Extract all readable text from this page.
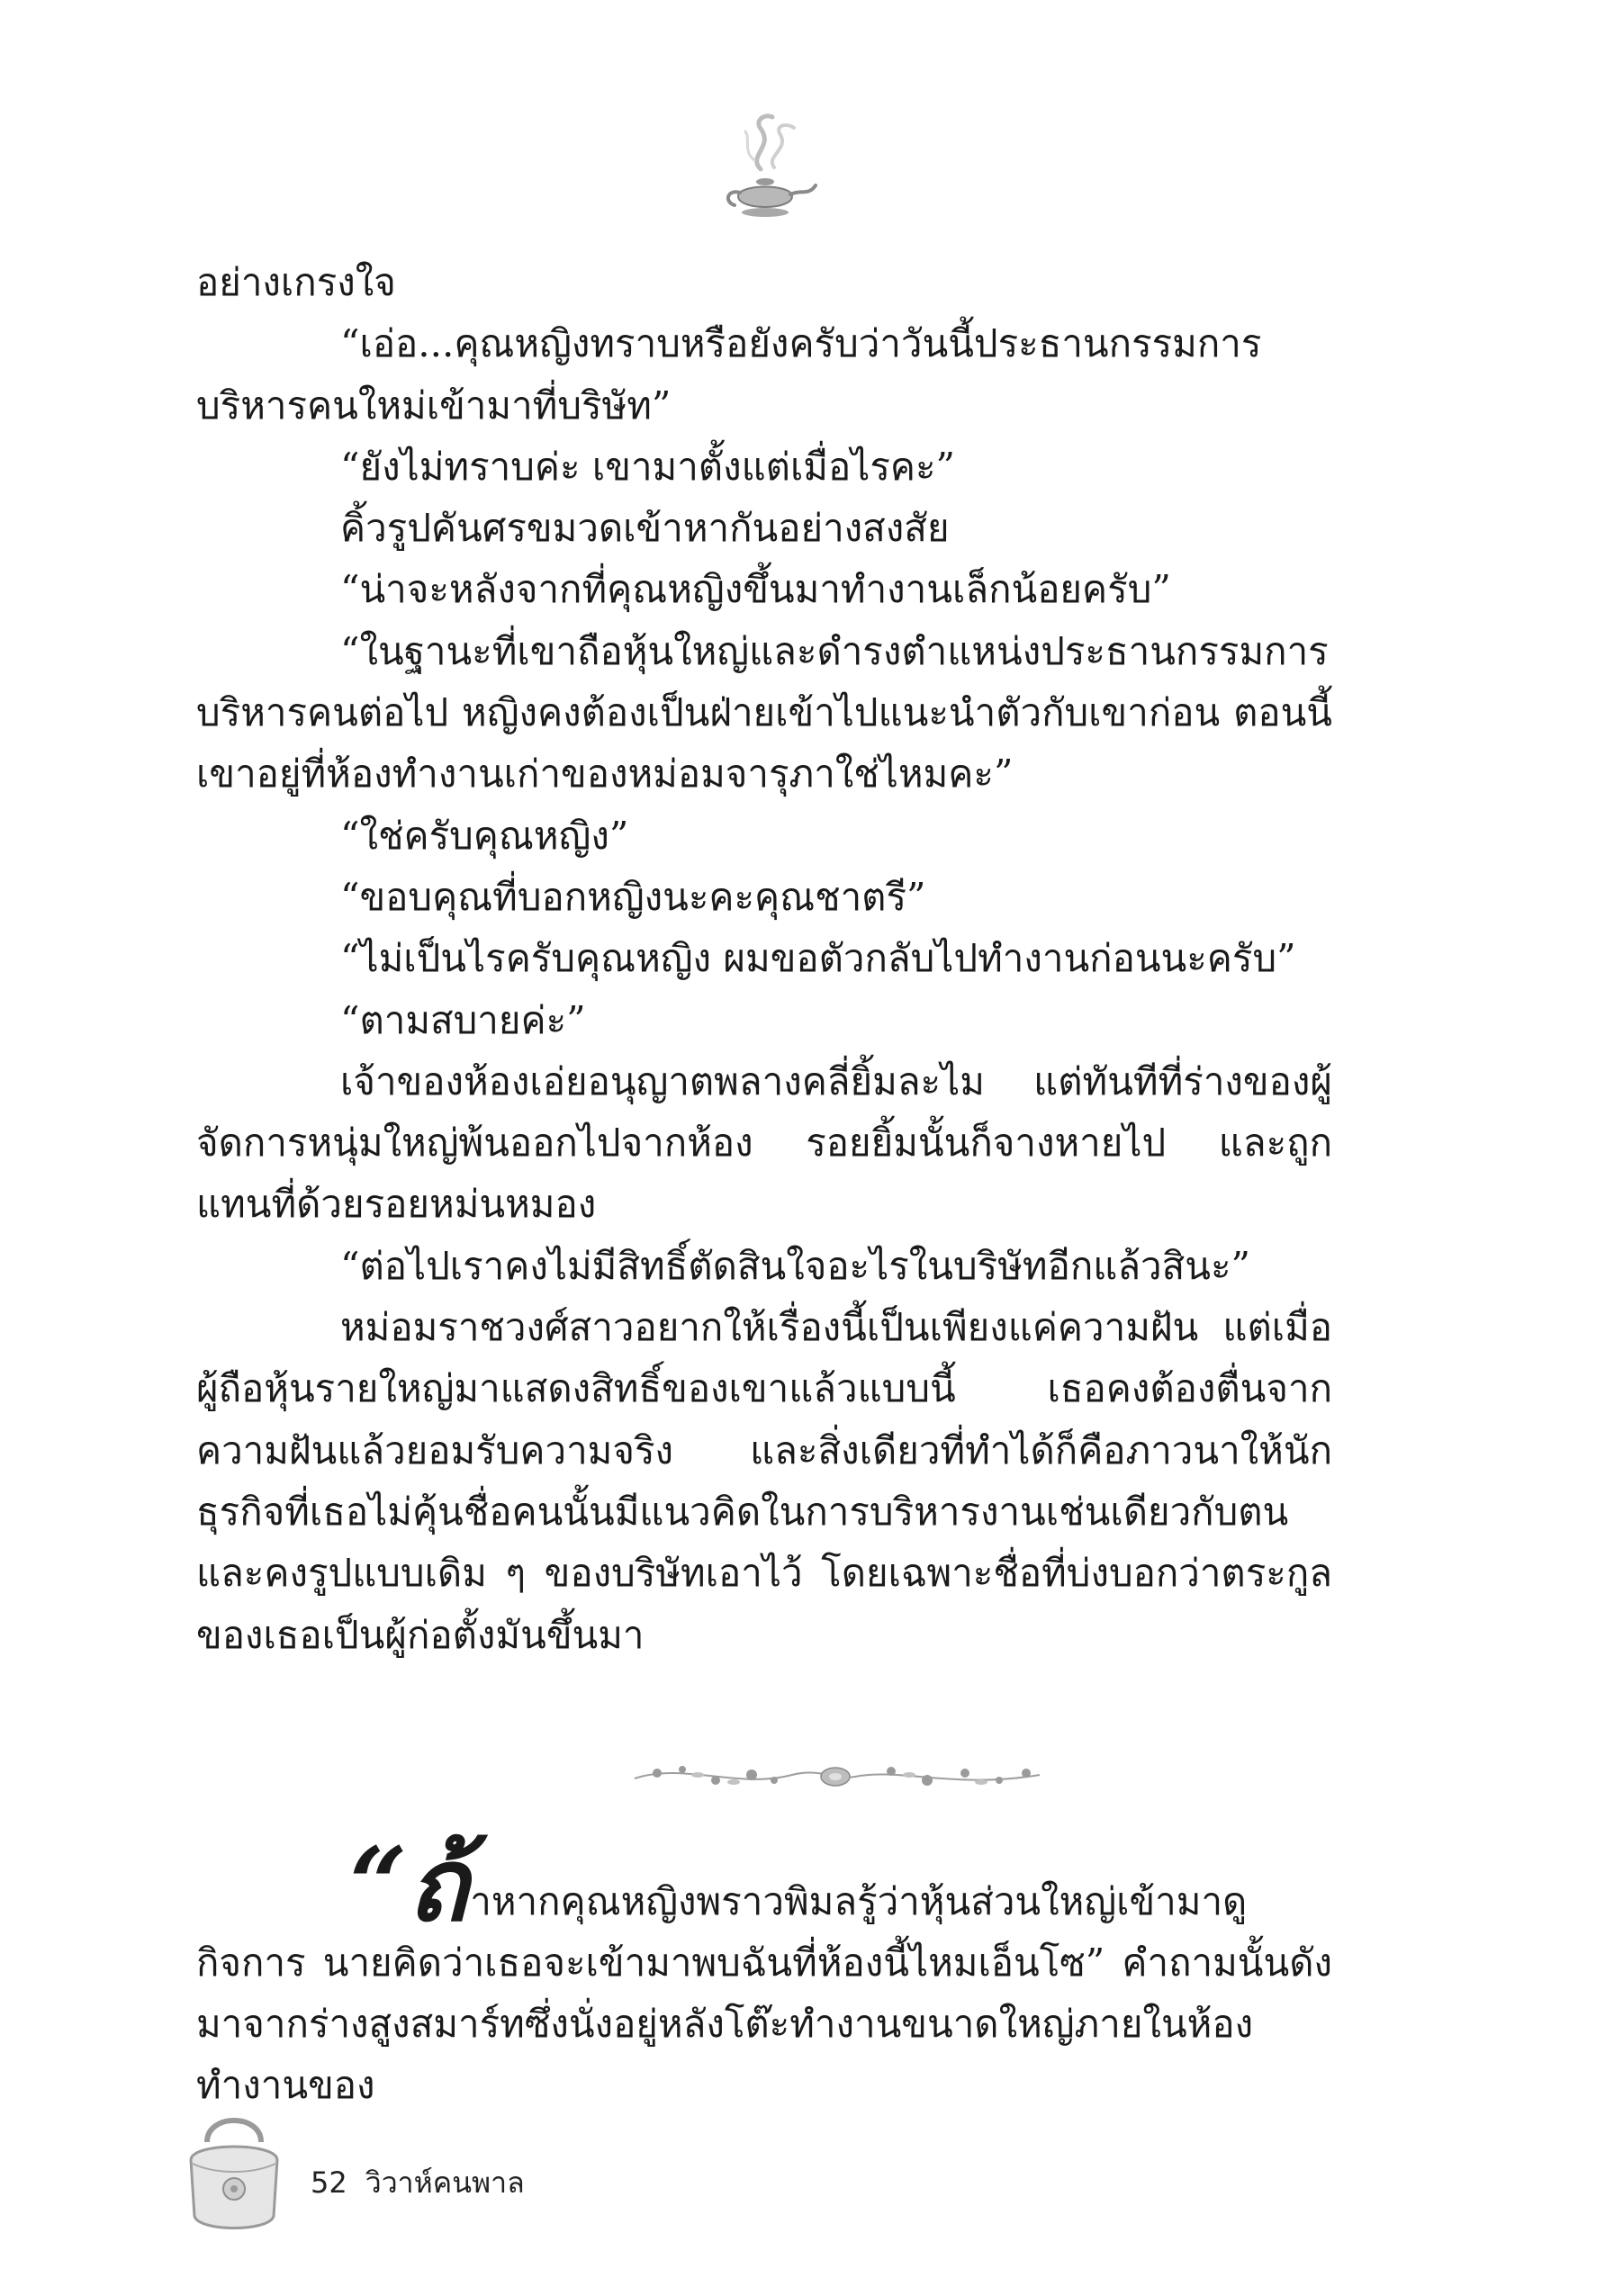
อย่างเกรงใจ

“เอ่อ...คุณหญิงทราบหรือยังครับว่าวันนี้ประธานกรรมการบริหารคนใหม่เข้ามาที่บริษัท”

“ยังไม่ทราบค่ะ เขามาตั้งแต่เมื่อไรคะ”

คิ้วรูปคันศรขมวดเข้าหากันอย่างสงสัย

“น่าจะหลังจากที่คุณหญิงขึ้นมาทำงานเล็กน้อยครับ”

“ในฐานะที่เขาถือหุ้นใหญ่และดำรงตำแหน่งประธานกรรมการบริหารคนต่อไป หญิงคงต้องเป็นฝ่ายเข้าไปแนะนำตัวกับเขาก่อน ตอนนี้เขาอยู่ที่ห้องทำงานเก่าของหม่อมจารุภาใช่ไหมคะ”

“ใช่ครับคุณหญิง”

“ขอบคุณที่บอกหญิงนะคะคุณชาตรี”

“ไม่เป็นไรครับคุณหญิง ผมขอตัวกลับไปทำงานก่อนนะครับ”

“ตามสบายค่ะ”

เจ้าของห้องเอ่ยอนุญาตพลางคลี่ยิ้มละไม แต่ทันทีที่ร่างของผู้จัดการหนุ่มใหญ่พ้นออกไปจากห้อง รอยยิ้มนั้นก็จางหายไป และถูกแทนที่ด้วยรอยหม่นหมอง

“ต่อไปเราคงไม่มีสิทธิ์ตัดสินใจอะไรในบริษัทอีกแล้วสินะ”

หม่อมราชวงศ์สาวอยากให้เรื่องนี้เป็นเพียงแค่ความฝัน แต่เมื่อผู้ถือหุ้นรายใหญ่มาแสดงสิทธิ์ของเขาแล้วแบบนี้ เธอคงต้องตื่นจากความฝันแล้วยอมรับความจริง และสิ่งเดียวที่ทำได้ก็คือภาวนาให้นักธุรกิจที่เธอไม่คุ้นชื่อคนนั้นมีแนวคิดในการบริหารงานเช่นเดียวกับตน และคงรูปแบบเดิม ๆ ของบริษัทเอาไว้ โดยเฉพาะชื่อที่บ่งบอกว่าตระกูลของเธอเป็นผู้ก่อตั้งมันขึ้นมา

“ถ้าหากคุณหญิงพราวพิมลรู้ว่าหุ้นส่วนใหญ่เข้ามาดูกิจการ นายคิดว่าเธอจะเข้ามาพบฉันที่ห้องนี้ไหมเอ็นโซ” คำถามนั้นดังมาจากร่างสูงสมาร์ทซึ่งนั่งอยู่หลังโต๊ะทำงานขนาดใหญ่ภายในห้องทำงานของ

52 วิวาห์คนพาล
